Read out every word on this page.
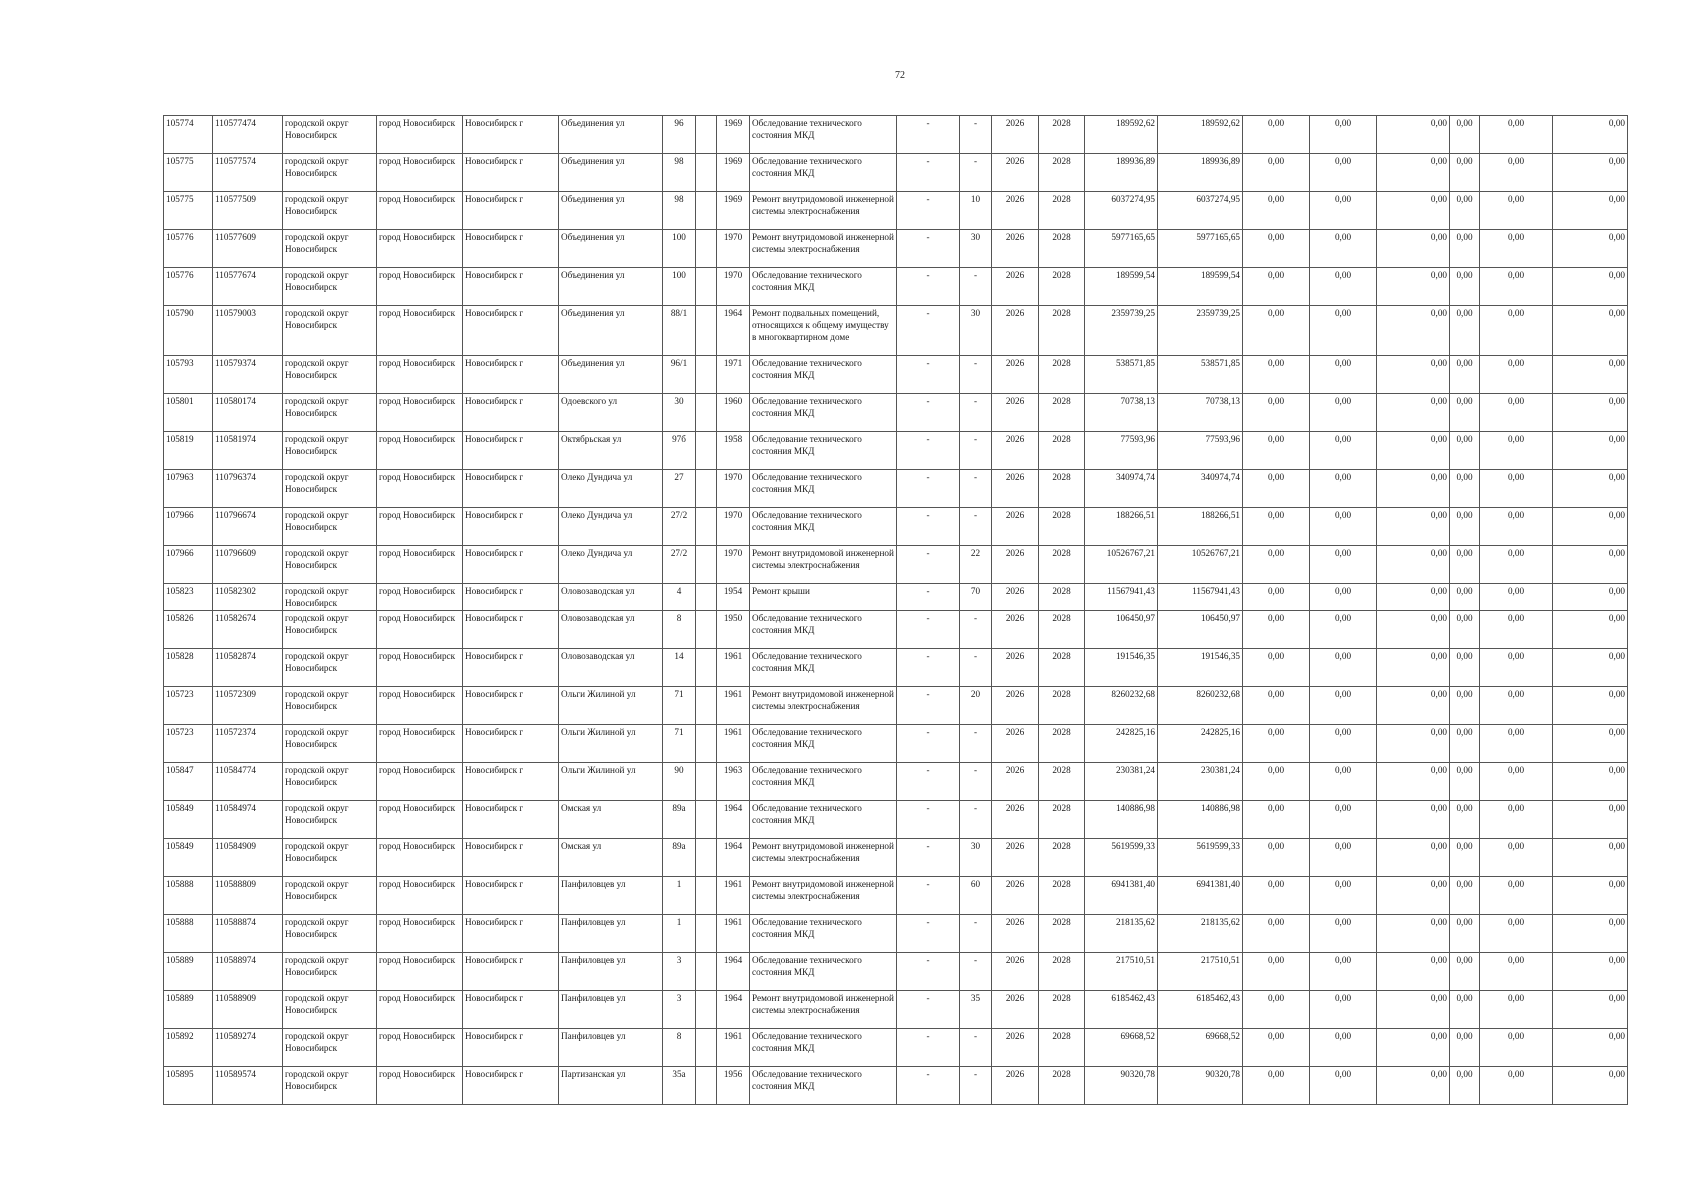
72
105774	110577474	городской округ Новосибирск	город Новосибирск	Новосибирск г	Объединения ул	96		1969	Обследование технического состояния МКД	-	-	2026	2028	189592,62	189592,62	0,00	0,00	0,00	0,00	0,00	0,00
105775	110577574	городской округ Новосибирск	город Новосибирск	Новосибирск г	Объединения ул	98		1969	Обследование технического состояния МКД	-	-	2026	2028	189936,89	189936,89	0,00	0,00	0,00	0,00	0,00	0,00
105775	110577509	городской округ Новосибирск	город Новосибирск	Новосибирск г	Объединения ул	98		1969	Ремонт внутридомовой инженерной системы электроснабжения	-	10	2026	2028	6037274,95	6037274,95	0,00	0,00	0,00	0,00	0,00	0,00
105776	110577609	городской округ Новосибирск	город Новосибирск	Новосибирск г	Объединения ул	100		1970	Ремонт внутридомовой инженерной системы электроснабжения	-	30	2026	2028	5977165,65	5977165,65	0,00	0,00	0,00	0,00	0,00	0,00
105776	110577674	городской округ Новосибирск	город Новосибирск	Новосибирск г	Объединения ул	100		1970	Обследование технического состояния МКД	-	-	2026	2028	189599,54	189599,54	0,00	0,00	0,00	0,00	0,00	0,00
105790	110579003	городской округ Новосибирск	город Новосибирск	Новосибирск г	Объединения ул	88/1		1964	Ремонт подвальных помещений, относящихся к общему имуществу в многоквартирном доме	-	30	2026	2028	2359739,25	2359739,25	0,00	0,00	0,00	0,00	0,00	0,00
105793	110579374	городской округ Новосибирск	город Новосибирск	Новосибирск г	Объединения ул	96/1		1971	Обследование технического состояния МКД	-	-	2026	2028	538571,85	538571,85	0,00	0,00	0,00	0,00	0,00	0,00
105801	110580174	городской округ Новосибирск	город Новосибирск	Новосибирск г	Одоевского ул	30		1960	Обследование технического состояния МКД	-	-	2026	2028	70738,13	70738,13	0,00	0,00	0,00	0,00	0,00	0,00
105819	110581974	городской округ Новосибирск	город Новосибирск	Новосибирск г	Октябрьская ул	97б		1958	Обследование технического состояния МКД	-	-	2026	2028	77593,96	77593,96	0,00	0,00	0,00	0,00	0,00	0,00
107963	110796374	городской округ Новосибирск	город Новосибирск	Новосибирск г	Олеко Дундича ул	27		1970	Обследование технического состояния МКД	-	-	2026	2028	340974,74	340974,74	0,00	0,00	0,00	0,00	0,00	0,00
107966	110796674	городской округ Новосибирск	город Новосибирск	Новосибирск г	Олеко Дундича ул	27/2		1970	Обследование технического состояния МКД	-	-	2026	2028	188266,51	188266,51	0,00	0,00	0,00	0,00	0,00	0,00
107966	110796609	городской округ Новосибирск	город Новосибирск	Новосибирск г	Олеко Дундича ул	27/2		1970	Ремонт внутридомовой инженерной системы электроснабжения	-	22	2026	2028	10526767,21	10526767,21	0,00	0,00	0,00	0,00	0,00	0,00
105823	110582302	городской округ Новосибирск	город Новосибирск	Новосибирск г	Оловозаводская ул	4		1954	Ремонт крыши	-	70	2026	2028	11567941,43	11567941,43	0,00	0,00	0,00	0,00	0,00	0,00
105826	110582674	городской округ Новосибирск	город Новосибирск	Новосибирск г	Оловозаводская ул	8		1950	Обследование технического состояния МКД	-	-	2026	2028	106450,97	106450,97	0,00	0,00	0,00	0,00	0,00	0,00
105828	110582874	городской округ Новосибирск	город Новосибирск	Новосибирск г	Оловозаводская ул	14		1961	Обследование технического состояния МКД	-	-	2026	2028	191546,35	191546,35	0,00	0,00	0,00	0,00	0,00	0,00
105723	110572309	городской округ Новосибирск	город Новосибирск	Новосибирск г	Ольги Жилиной ул	71		1961	Ремонт внутридомовой инженерной системы электроснабжения	-	20	2026	2028	8260232,68	8260232,68	0,00	0,00	0,00	0,00	0,00	0,00
105723	110572374	городской округ Новосибирск	город Новосибирск	Новосибирск г	Ольги Жилиной ул	71		1961	Обследование технического состояния МКД	-	-	2026	2028	242825,16	242825,16	0,00	0,00	0,00	0,00	0,00	0,00
105847	110584774	городской округ Новосибирск	город Новосибирск	Новосибирск г	Ольги Жилиной ул	90		1963	Обследование технического состояния МКД	-	-	2026	2028	230381,24	230381,24	0,00	0,00	0,00	0,00	0,00	0,00
105849	110584974	городской округ Новосибирск	город Новосибирск	Новосибирск г	Омская ул	89а		1964	Обследование технического состояния МКД	-	-	2026	2028	140886,98	140886,98	0,00	0,00	0,00	0,00	0,00	0,00
105849	110584909	городской округ Новосибирск	город Новосибирск	Новосибирск г	Омская ул	89а		1964	Ремонт внутридомовой инженерной системы электроснабжения	-	30	2026	2028	5619599,33	5619599,33	0,00	0,00	0,00	0,00	0,00	0,00
105888	110588809	городской округ Новосибирск	город Новосибирск	Новосибирск г	Панфиловцев ул	1		1961	Ремонт внутридомовой инженерной системы электроснабжения	-	60	2026	2028	6941381,40	6941381,40	0,00	0,00	0,00	0,00	0,00	0,00
105888	110588874	городской округ Новосибирск	город Новосибирск	Новосибирск г	Панфиловцев ул	1		1961	Обследование технического состояния МКД	-	-	2026	2028	218135,62	218135,62	0,00	0,00	0,00	0,00	0,00	0,00
105889	110588974	городской округ Новосибирск	город Новосибирск	Новосибирск г	Панфиловцев ул	3		1964	Обследование технического состояния МКД	-	-	2026	2028	217510,51	217510,51	0,00	0,00	0,00	0,00	0,00	0,00
105889	110588909	городской округ Новосибирск	город Новосибирск	Новосибирск г	Панфиловцев ул	3		1964	Ремонт внутридомовой инженерной системы электроснабжения	-	35	2026	2028	6185462,43	6185462,43	0,00	0,00	0,00	0,00	0,00	0,00
105892	110589274	городской округ Новосибирск	город Новосибирск	Новосибирск г	Панфиловцев ул	8		1961	Обследование технического состояния МКД	-	-	2026	2028	69668,52	69668,52	0,00	0,00	0,00	0,00	0,00	0,00
105895	110589574	городской округ Новосибирск	город Новосибирск	Новосибирск г	Партизанская ул	35а		1956	Обследование технического состояния МКД	-	-	2026	2028	90320,78	90320,78	0,00	0,00	0,00	0,00	0,00	0,00
